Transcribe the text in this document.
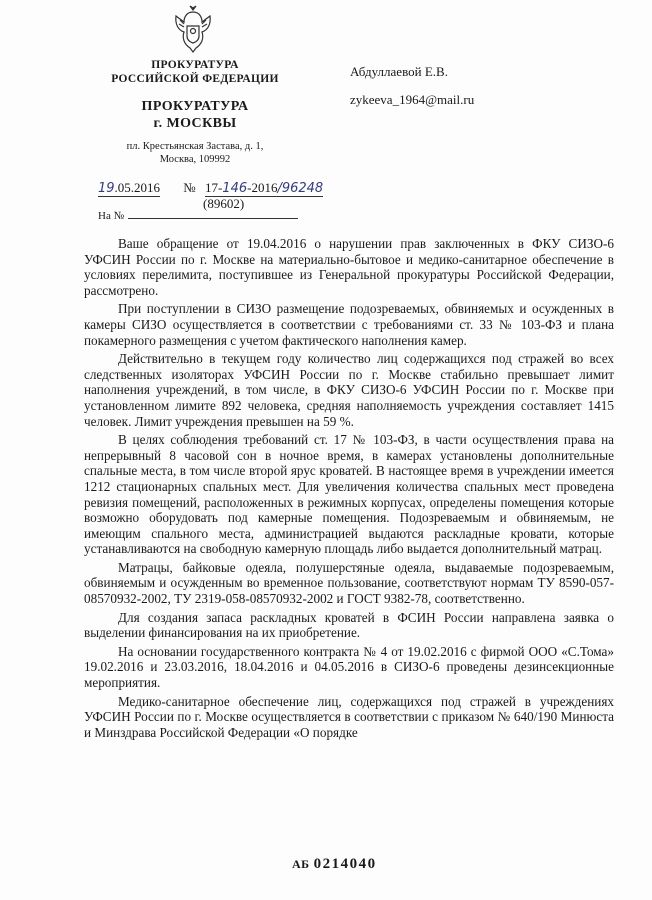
ПРОКУРАТУРА
РОССИЙСКОЙ ФЕДЕРАЦИИ
ПРОКУРАТУРА
г. МОСКВЫ
пл. Крестьянская Застава, д. 1,
Москва, 109992
Абдуллаевой Е.В.
zykeeva_1964@mail.ru
19.05.2016 № 17-146-2016/96248
(89602)
На №

Ваше обращение от 19.04.2016 о нарушении прав заключенных в ФКУ СИЗО-6 УФСИН России по г. Москве на материально-бытовое и медико-санитарное обеспечение в условиях перелимита, поступившее из Генеральной прокуратуры Российской Федерации, рассмотрено.

При поступлении в СИЗО размещение подозреваемых, обвиняемых и осужденных в камеры СИЗО осуществляется в соответствии с требованиями ст. 33 № 103-ФЗ и плана покамерного размещения с учетом фактического наполнения камер.

Действительно в текущем году количество лиц содержащихся под стражей во всех следственных изоляторах УФСИН России по г. Москве стабильно превышает лимит наполнения учреждений, в том числе, в ФКУ СИЗО-6 УФСИН России по г. Москве при установленном лимите 892 человека, средняя наполняемость учреждения составляет 1415 человек. Лимит учреждения превышен на 59 %.

В целях соблюдения требований ст. 17 № 103-ФЗ, в части осуществления права на непрерывный 8 часовой сон в ночное время, в камерах установлены дополнительные спальные места, в том числе второй ярус кроватей. В настоящее время в учреждении имеется 1212 стационарных спальных мест. Для увеличения количества спальных мест проведена ревизия помещений, расположенных в режимных корпусах, определены помещения которые возможно оборудовать под камерные помещения. Подозреваемым и обвиняемым, не имеющим спального места, администрацией выдаются раскладные кровати, которые устанавливаются на свободную камерную площадь либо выдается дополнительный матрац.

Матрацы, байковые одеяла, полушерстяные одеяла, выдаваемые подозреваемым, обвиняемым и осужденным во временное пользование, соответствуют нормам ТУ 8590-057-08570932-2002, ТУ 2319-058-08570932-2002 и ГОСТ 9382-78, соответственно.

Для создания запаса раскладных кроватей в ФСИН России направлена заявка о выделении финансирования на их приобретение.

На основании государственного контракта № 4 от 19.02.2016 с фирмой ООО «С.Тома» 19.02.2016 и 23.03.2016, 18.04.2016 и 04.05.2016 в СИЗО-6 проведены дезинсекционные мероприятия.

Медико-санитарное обеспечение лиц, содержащихся под стражей в учреждениях УФСИН России по г. Москве осуществляется в соответствии с приказом № 640/190 Минюста и Минздрава Российской Федерации «О порядке

АБ 0214040
